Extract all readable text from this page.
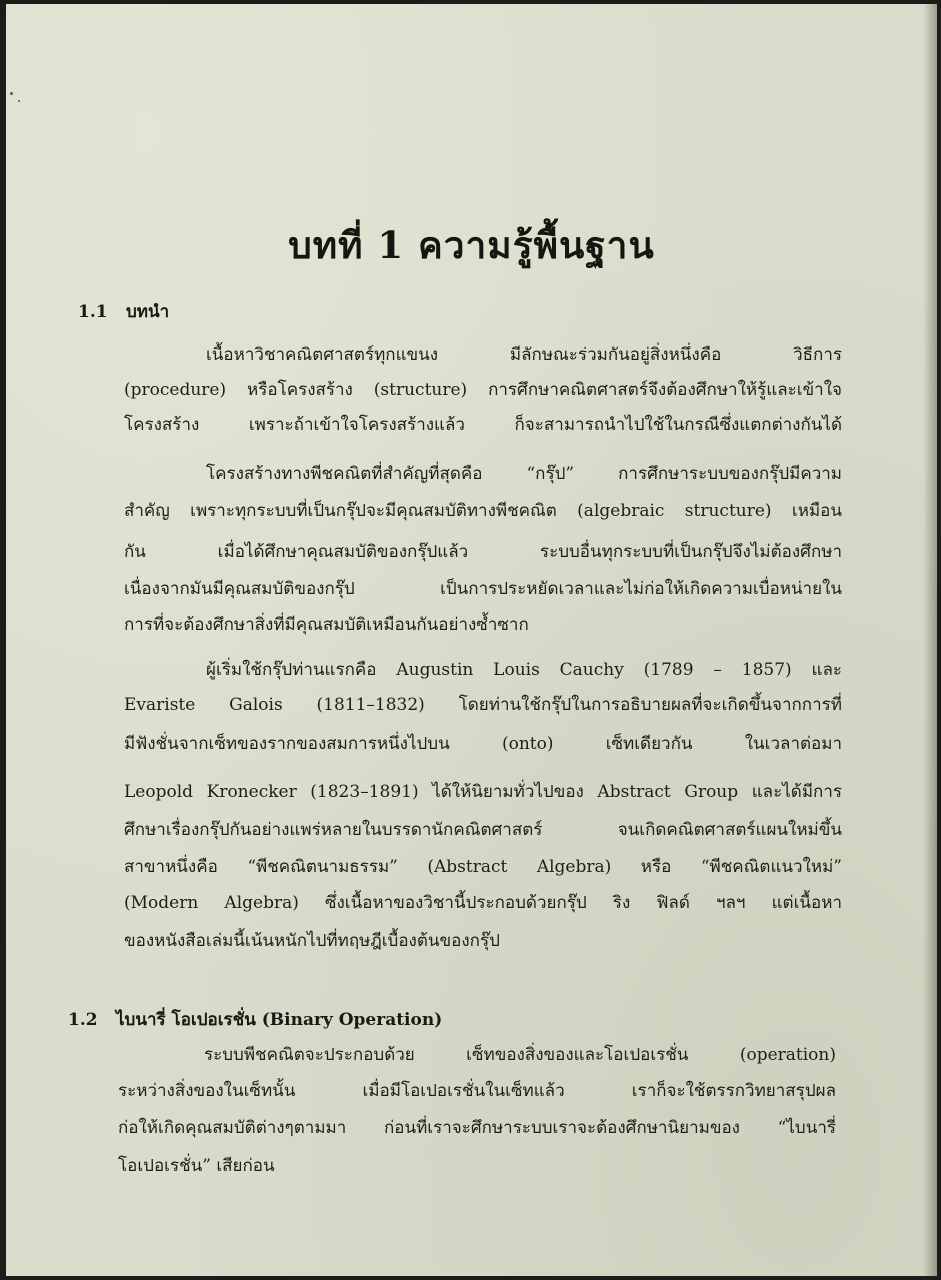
บทที่ 1 ความรู้พื้นฐาน
1.1 บทนำ
เนื้อหาวิชาคณิตศาสตร์ทุกแขนง มีลักษณะร่วมกันอยู่สิ่งหนึ่งคือ วิธีการ
(procedure) หรือโครงสร้าง (structure) การศึกษาคณิตศาสตร์จึงต้องศึกษาให้รู้และเข้าใจ
โครงสร้าง เพราะถ้าเข้าใจโครงสร้างแล้ว ก็จะสามารถนำไปใช้ในกรณีซึ่งแตกต่างกันได้
โครงสร้างทางพีชคณิตที่สำคัญที่สุดคือ “กรุ๊ป” การศึกษาระบบของกรุ๊ปมีความ
สำคัญ เพราะทุกระบบที่เป็นกรุ๊ปจะมีคุณสมบัติทางพีชคณิต (algebraic structure) เหมือน
กัน เมื่อได้ศึกษาคุณสมบัติของกรุ๊ปแล้ว ระบบอื่นทุกระบบที่เป็นกรุ๊ปจึงไม่ต้องศึกษา
เนื่องจากมันมีคุณสมบัติของกรุ๊ป เป็นการประหยัดเวลาและไม่ก่อให้เกิดความเบื่อหน่ายใน
การที่จะต้องศึกษาสิ่งที่มีคุณสมบัติเหมือนกันอย่างซ้ำซาก
ผู้เริ่มใช้กรุ๊ปท่านแรกคือ Augustin Louis Cauchy (1789 – 1857) และ
Evariste Galois (1811–1832) โดยท่านใช้กรุ๊ปในการอธิบายผลที่จะเกิดขึ้นจากการที่
มีฟังชั่นจากเซ็ทของรากของสมการหนึ่งไปบน (onto) เซ็ทเดียวกัน ในเวลาต่อมา
Leopold Kronecker (1823–1891) ได้ให้นิยามทั่วไปของ Abstract Group และได้มีการ
ศึกษาเรื่องกรุ๊ปกันอย่างแพร่หลายในบรรดานักคณิตศาสตร์ จนเกิดคณิตศาสตร์แผนใหม่ขึ้น
สาขาหนึ่งคือ “พีชคณิตนามธรรม” (Abstract Algebra) หรือ “พีชคณิตแนวใหม่”
(Modern Algebra) ซึ่งเนื้อหาของวิชานี้ประกอบด้วยกรุ๊ป ริง ฟิลด์ ฯลฯ แต่เนื้อหา
ของหนังสือเล่มนี้เน้นหนักไปที่ทฤษฎีเบื้องต้นของกรุ๊ป
1.2 ไบนารี่ โอเปอเรชั่น (Binary Operation)
ระบบพีชคณิตจะประกอบด้วย เซ็ทของสิ่งของและโอเปอเรชั่น (operation)
ระหว่างสิ่งของในเซ็ทนั้น เมื่อมีโอเปอเรชั่นในเซ็ทแล้ว เราก็จะใช้ตรรกวิทยาสรุปผล
ก่อให้เกิดคุณสมบัติต่างๆตามมา ก่อนที่เราจะศึกษาระบบเราจะต้องศึกษานิยามของ “ไบนารี่
โอเปอเรชั่น” เสียก่อน
